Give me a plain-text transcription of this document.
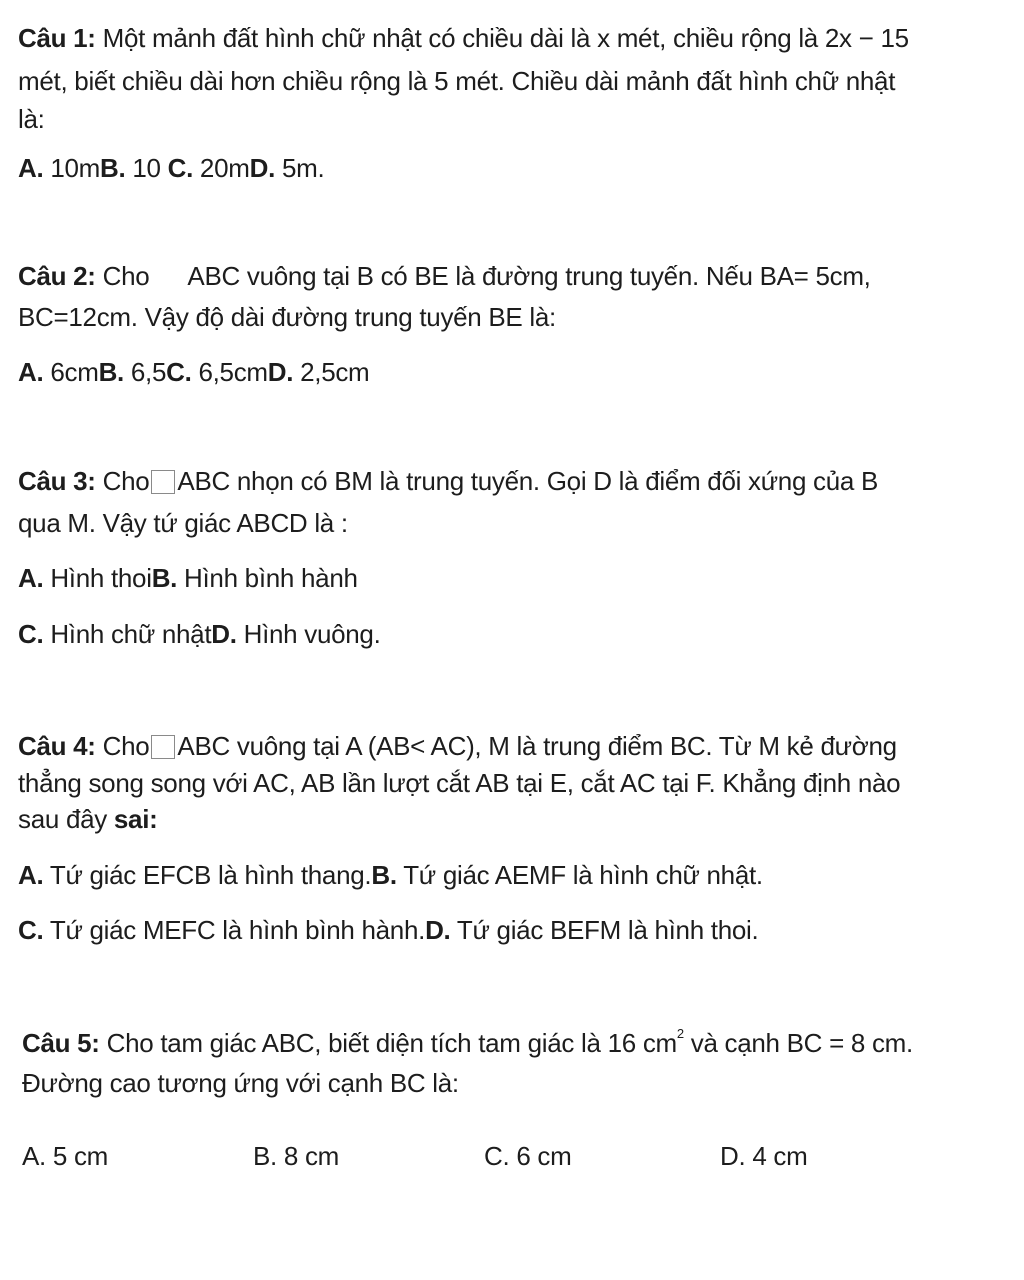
Câu 1: Một mảnh đất hình chữ nhật có chiều dài là x mét, chiều rộng là 2x − 15
mét, biết chiều dài hơn chiều rộng là 5 mét. Chiều dài mảnh đất hình chữ nhật
là:
A. 10mB. 10 C. 20mD. 5m.
Câu 2: Cho ABC vuông tại B có BE là đường trung tuyến. Nếu BA= 5cm,
BC=12cm. Vậy độ dài đường trung tuyến BE là:
A. 6cmB. 6,5C. 6,5cmD. 2,5cm
Câu 3: Cho ABC nhọn có BM là trung tuyến. Gọi D là điểm đối xứng của B
qua M. Vậy tứ giác ABCD là :
A. Hình thoiB. Hình bình hành
C. Hình chữ nhậtD. Hình vuông.
Câu 4: Cho ABC vuông tại A (AB< AC), M là trung điểm BC. Từ M kẻ đường
thẳng song song với AC, AB lần lượt cắt AB tại E, cắt AC tại F. Khẳng định nào
sau đây sai:
A. Tứ giác EFCB là hình thang.B. Tứ giác AEMF là hình chữ nhật.
C. Tứ giác MEFC là hình bình hành.D. Tứ giác BEFM là hình thoi.
Câu 5: Cho tam giác ABC, biết diện tích tam giác là 16 $cm^2$ và cạnh BC = 8 cm.
Đường cao tương ứng với cạnh BC là:
A. 5 cm	B. 8 cm	C. 6 cm	D. 4 cm
